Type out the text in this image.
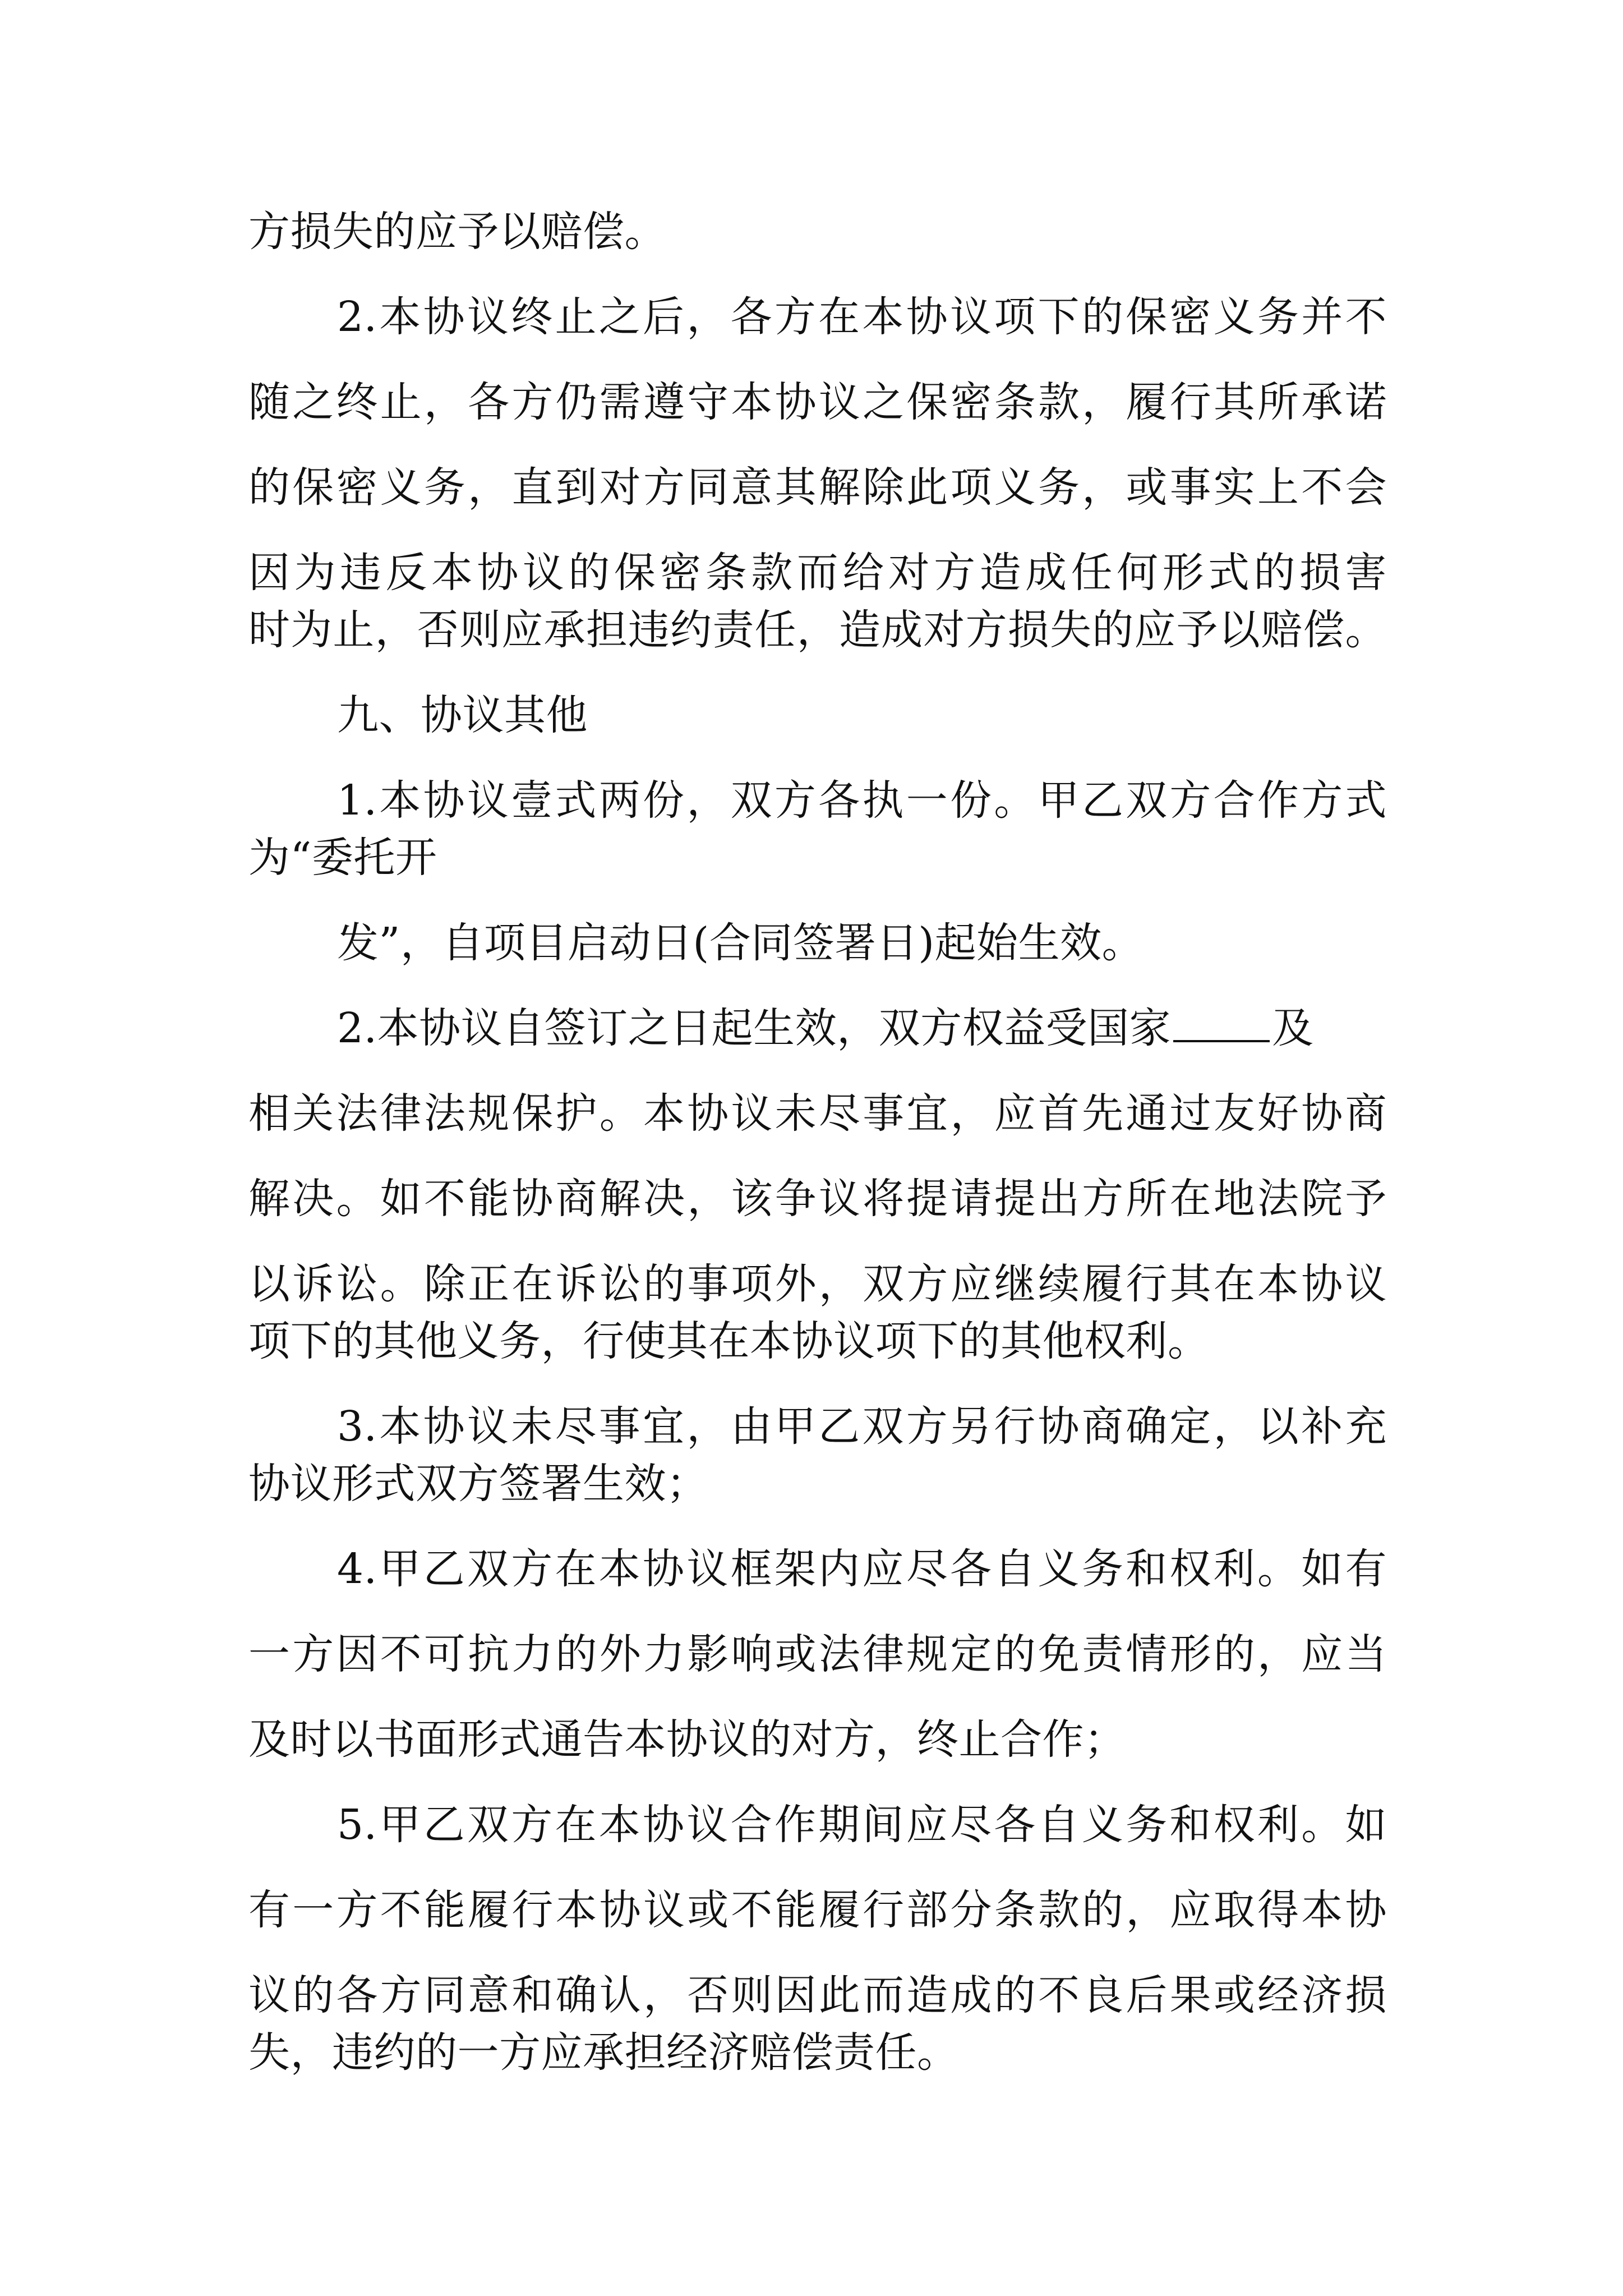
方损失的应予以赔偿。
2.本协议终止之后，各方在本协议项下的保密义务并不
随之终止，各方仍需遵守本协议之保密条款，履行其所承诺
的保密义务，直到对方同意其解除此项义务，或事实上不会
因为违反本协议的保密条款而给对方造成任何形式的损害
时为止，否则应承担违约责任，造成对方损失的应予以赔偿。
九、协议其他
1.本协议壹式两份，双方各执一份。甲乙双方合作方式
为“委托开
发”，自项目启动日(合同签署日)起始生效。
2.本协议自签订之日起生效，双方权益受国家 及
相关法律法规保护。本协议未尽事宜，应首先通过友好协商
解决。如不能协商解决，该争议将提请提出方所在地法院予
以诉讼。除正在诉讼的事项外，双方应继续履行其在本协议
项下的其他义务，行使其在本协议项下的其他权利。
3.本协议未尽事宜，由甲乙双方另行协商确定，以补充
协议形式双方签署生效；
4.甲乙双方在本协议框架内应尽各自义务和权利。如有
一方因不可抗力的外力影响或法律规定的免责情形的，应当
及时以书面形式通告本协议的对方，终止合作；
5.甲乙双方在本协议合作期间应尽各自义务和权利。如
有一方不能履行本协议或不能履行部分条款的，应取得本协
议的各方同意和确认，否则因此而造成的不良后果或经济损
失，违约的一方应承担经济赔偿责任。
